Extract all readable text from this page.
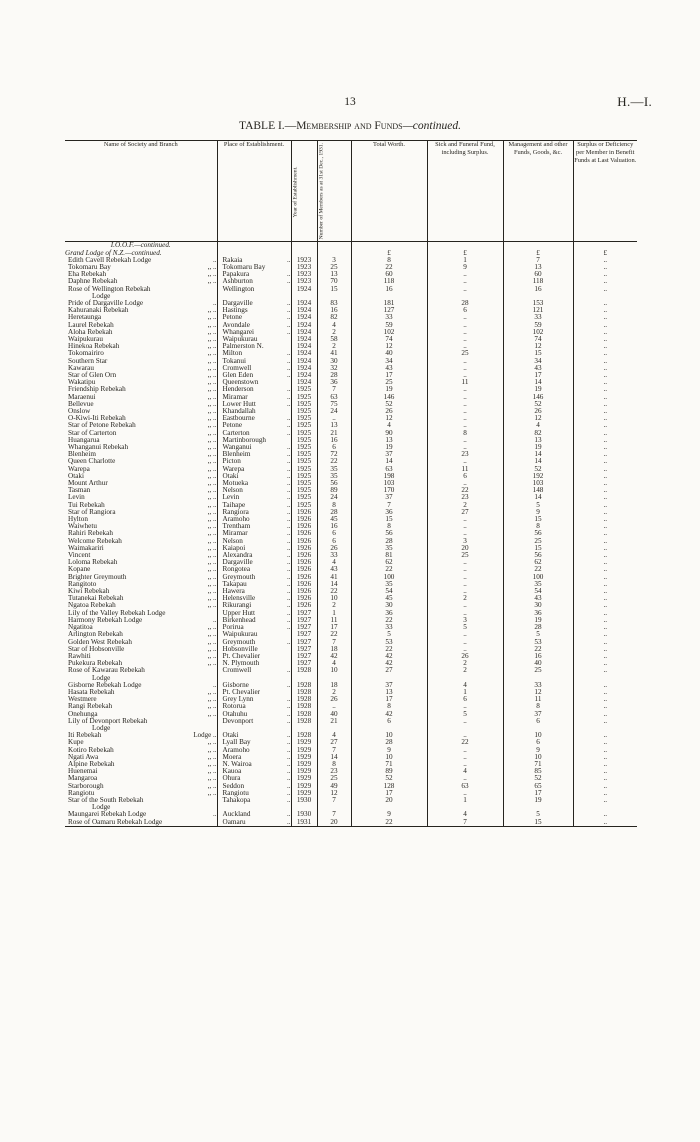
13	H.—I.
TABLE I.—Membership and Funds—continued.
Name of Society and Branch	Place of Establishment.	Year of Establishment.	Number of Members as at 31st Dec., 1931.	Total Worth.	Sick and Funeral Fund, including Surplus.	Management and other Funds, Goods, &c.	Surplus or Deficiency per Member in Benefit Funds at Last Valuation.
I.O.O.F.—continued.							
Grand Lodge of N.Z.—continued.				£	£	£	£

Edith Cavell Rebekah Lodge ..	Rakaia ..	1923	3	8	1	7	..

Tokomaru Bay ,, ..	Tokomaru Bay	1923	25	22	9	13	..

Eha Rebekah ,, ..	Papakura ..	1923	13	60	..	60	..

Daphne Rebekah ,, ..	Ashburton ..	1923	70	118	..	118	..

Rose of Wellington Rebekah	Wellington	1924	15	16	..	16	..
Lodge							

Pride of Dargaville Lodge ..	Dargaville ..	1924	83	181	28	153	..

Kahuranaki Rebekah ,, ..	Hastings ..	1924	16	127	6	121	..

Heretaunga ,, ..	Petone ..	1924	82	33	..	33	..

Laurel Rebekah ,, ..	Avondale ..	1924	4	59	..	59	..

Aloha Rebekah ,, ..	Whangarei ..	1924	2	102	..	102	..

Waipukurau ,, ..	Waipukurau	1924	58	74	..	74	..

Hinekoa Rebekah ,, ..	Palmerston N.	1924	2	12	..	12	..

Tokomairiro ,, ..	Milton ..	1924	41	40	25	15	..

Southern Star ,, ..	Tokanui ..	1924	30	34	..	34	..

Kawarau ,, ..	Cromwell ..	1924	32	43	..	43	..

Star of Glen Orn ,, ..	Glen Eden ..	1924	28	17	..	17	..

Wakatipu ,, ..	Queenstown	1924	36	25	11	14	..

Friendship Rebekah ,, ..	Henderson ..	1925	7	19	..	19	..

Maraenui ,, ..	Miramar ..	1925	63	146	..	146	..

Bellevue ,, ..	Lower Hutt ..	1925	75	52	..	52	..

Onslow ,, ..	Khandallah	1925	24	26	..	26	..

O-Kiwi-Iti Rebekah ,, ..	Eastbourne ..	1925	..	12	..	12	..

Star of Petone Rebekah ,, ..	Petone ..	1925	13	4	..	4	..

Star of Carterton ,, ..	Carterton ..	1925	21	90	8	82	..

Huangarua ,, ..	Martinborough	1925	16	13	..	13	..

Whanganui Rebekah ,, ..	Wanganui ..	1925	6	19	..	19	..

Blenheim ,, ..	Blenheim ..	1925	72	37	23	14	..

Queen Charlotte ,, ..	Picton ..	1925	22	14	..	14	..

Warepa ,, ..	Warepa ..	1925	35	63	11	52	..

Otaki ,, ..	Otaki ..	1925	35	198	6	192	..

Mount Arthur ,, ..	Motueka ..	1925	56	103	..	103	..

Tasman ,, ..	Nelson ..	1925	89	170	22	148	..

Levin ,, ..	Levin ..	1925	24	37	23	14	..

Tui Rebekah ,, ..	Taihape ..	1925	8	7	2	5	..

Star of Rangiora ,, ..	Rangiora ..	1926	28	36	27	9	..

Hylton ,, ..	Aramoho ..	1926	45	15	..	15	..

Waiwhetu ,, ..	Trentham ..	1926	16	8	..	8	..

Rahiri Rebekah ,, ..	Miramar ..	1926	6	56	..	56	..

Welcome Rebekah ,, ..	Nelson ..	1926	6	28	3	25	..

Waimakariri ,, ..	Kaiapoi ..	1926	26	35	20	15	..

Vincent ,, ..	Alexandra ..	1926	33	81	25	56	..

Loloma Rebekah ,, ..	Dargaville ..	1926	4	62	..	62	..

Kopane ,, ..	Rongotea ..	1926	43	22	..	22	..

Brighter Greymouth ,, ..	Greymouth ..	1926	41	100	..	100	..

Rangitoto ,, ..	Takapau ..	1926	14	35	..	35	..

Kiwi Rebekah ,, ..	Hawera ..	1926	22	54	..	54	..

Tutanekai Rebekah ,, ..	Helensville ..	1926	10	45	2	43	..

Ngatoa Rebekah ,, ..	Rikurangi ..	1926	2	30	..	30	..

Lily of the Valley Rebekah Lodge	Upper Hutt ..	1927	1	36	..	36	..

Harmony Rebekah Lodge ..	Birkenhead ..	1927	11	22	3	19	..

Ngatitoa ,, ..	Porirua ..	1927	17	33	5	28	..

Arlington Rebekah ,, ..	Waipukurau	1927	22	5	..	5	..

Golden West Rebekah ,, ..	Greymouth ..	1927	7	53	..	53	..

Star of Hobsonville ,, ..	Hobsonville	1927	18	22	..	22	..

Rawhiti ,, ..	Pt. Chevalier	1927	42	42	26	16	..

Pukekura Rebekah ,, ..	N. Plymouth	1927	4	42	2	40	..

Rose of Kawarau Rebekah	Cromwell ..	1928	10	27	2	25	..
Lodge							

Gisborne Rebekah Lodge ..	Gisborne ..	1928	18	37	4	33	..

Hasata Rebekah ,, ..	Pt. Chevalier	1928	2	13	1	12	..

Westmere ,, ..	Grey Lynn ..	1928	26	17	6	11	..

Rangi Rebekah ,, ..	Rotorua ..	1928	..	8	..	8	..

Onehunga ,, ..	Otahuhu ..	1928	40	42	5	37	..

Lily of Devonport Rebekah	Devonport ..	1928	21	6	..	6	..
Lodge							

Iti Rebekah Lodge ..	Otaki ..	1928	4	10	..	10	..

Kupe ,, ..	Lyall Bay ..	1929	27	28	22	6	..

Kotiro Rebekah ,, ..	Aramoho ..	1929	7	9	..	9	..

Ngati Awa ,, ..	Moera ..	1929	14	10	..	10	..

Alpine Rebekah ,, ..	N. Wairoa ..	1929	8	71	..	71	..

Huenemai ,, ..	Kauoa ..	1929	23	89	4	85	..

Mangaroa ,, ..	Ohura ..	1929	25	52	..	52	..

Starborough ,, ..	Seddon ..	1929	49	128	63	65	..

Rangiotu ,, ..	Rangiotu ..	1929	12	17	..	17	..

Star of the South Rebekah	Tahakopa ..	1930	7	20	1	19	..
Lodge							

Maungarei Rebekah Lodge ..	Auckland ..	1930	7	9	4	5	..

Rose of Oamaru Rebekah Lodge	Oamaru ..	1931	20	22	7	15	..
